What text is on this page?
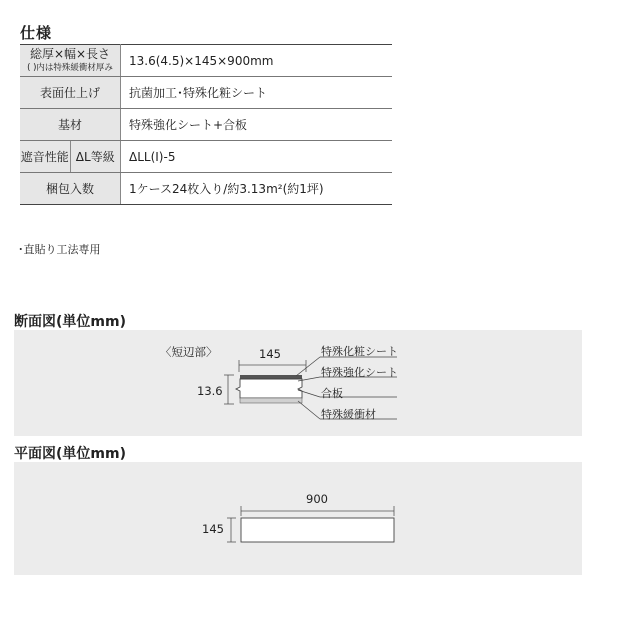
仕様
総厚×幅×長さ
( )内は特殊緩衝材厚み	13.6(4.5)×145×900mm
表面仕上げ	抗菌加工･特殊化粧シート
基材	特殊強化シート+合板

遮音性能 ΔL等級	ΔLL(I)-5
梱包入数	1ケース24枚入り/約3.13m²(約1坪)
･直貼り工法専用
断面図(単位mm)
〈短辺部〉	145
13.6
特殊化粧シート
特殊強化シート
合板
特殊緩衝材
平面図(単位mm)
900
145
